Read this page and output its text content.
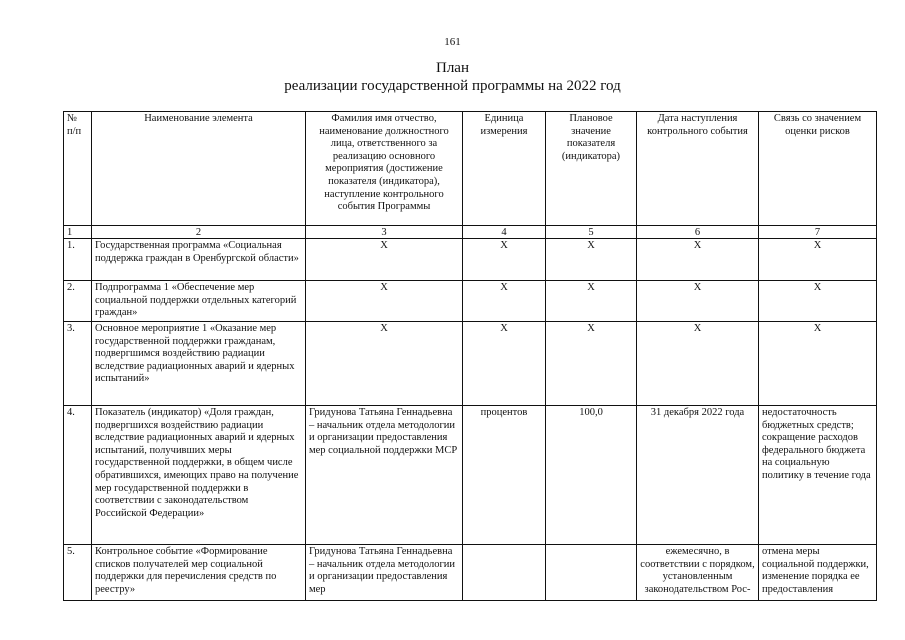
161
План
реализации государственной программы на 2022 год
№ п/п	Наименование элемента	Фамилия имя отчество, наименование должностного лица, ответственного за реализацию основного мероприятия (достижение показателя (индикатора), наступление контрольного события Программы	Единица измерения	Плановое значение показателя (индикатора)	Дата наступления контрольного события	Связь со значением оценки рисков
1	2	3	4	5	6	7
1.	Государственная программа «Социальная поддержка граждан в Оренбургской области»	Х	Х	Х	Х	Х
2.	Подпрограмма 1 «Обеспечение мер социальной поддержки отдельных категорий граждан»	Х	Х	Х	Х	Х
3.	Основное мероприятие 1 «Оказание мер государственной поддержки гражданам, подвергшимся воздействию радиации вследствие радиационных аварий и ядерных испытаний»	Х	Х	Х	Х	Х
4.	Показатель (индикатор) «Доля граждан, подвергшихся воздействию радиации вследствие радиационных аварий и ядерных испытаний, получивших меры государственной поддержки, в общем числе обратившихся, имеющих право на получение мер государственной поддержки в соответствии с законодательством Российской Федерации»	Гридунова Татьяна Геннадьевна – начальник отдела методологии и организации предоставления мер социальной поддержки МСР	процентов	100,0	31 декабря 2022 года	недостаточность бюджетных средств; сокращение расходов федерального бюджета на социальную политику в течение года
5.	Контрольное событие «Формирование списков получателей мер социальной поддержки для перечисления средств по реестру»	Гридунова Татьяна Геннадьевна – начальник отдела методологии и организации предоставления мер			ежемесячно, в соответствии с порядком, установленным законодательством Рос-	отмена меры социальной поддержки, изменение порядка ее предоставления
